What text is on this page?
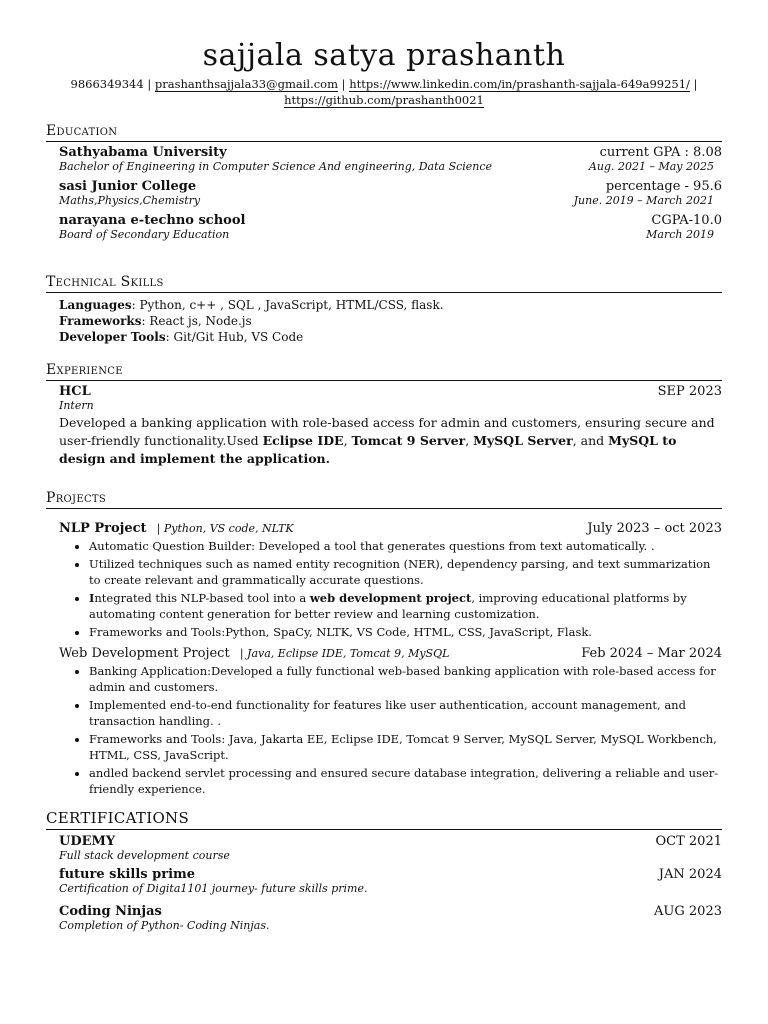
sajjala satya prashanth
9866349344 | prashanthsajjala33@gmail.com | https://www.linkedin.com/in/prashanth-sajjala-649a99251/ |
https://github.com/prashanth0021
Education
Sathyabama University	current GPA : 8.08
Bachelor of Engineering in Computer Science And engineering, Data Science	Aug. 2021 – May 2025
sasi Junior College	percentage - 95.6
Maths,Physics,Chemistry	June. 2019 – March 2021
narayana e-techno school	CGPA-10.0
Board of Secondary Education	March 2019
Technical Skills
Languages: Python, c++ , SQL , JavaScript, HTML/CSS, flask.
Frameworks: React js, Node.js
Developer Tools: Git/Git Hub, VS Code
Experience
HCL	SEP 2023
Intern
Developed a banking application with role-based access for admin and customers, ensuring secure and user-friendly functionality.Used Eclipse IDE, Tomcat 9 Server, MySQL Server, and MySQL to design and implement the application.
Projects
NLP Project | Python, VS code, NLTK	July 2023 – oct 2023
• Automatic Question Builder: Developed a tool that generates questions from text automatically. .
• Utilized techniques such as named entity recognition (NER), dependency parsing, and text summarization to create relevant and grammatically accurate questions.
• Integrated this NLP-based tool into a web development project, improving educational platforms by automating content generation for better review and learning customization.
• Frameworks and Tools:Python, SpaCy, NLTK, VS Code, HTML, CSS, JavaScript, Flask.
Web Development Project | Java, Eclipse IDE, Tomcat 9, MySQL	Feb 2024 – Mar 2024
• Banking Application:Developed a fully functional web-based banking application with role-based access for admin and customers.
• Implemented end-to-end functionality for features like user authentication, account management, and transaction handling. .
• Frameworks and Tools: Java, Jakarta EE, Eclipse IDE, Tomcat 9 Server, MySQL Server, MySQL Workbench, HTML, CSS, JavaScript.
• andled backend servlet processing and ensured secure database integration, delivering a reliable and user-friendly experience.
CERTIFICATIONS
UDEMY	OCT 2021
Full stack development course
future skills prime	JAN 2024
Certification of Digita1101 journey- future skills prime.
Coding Ninjas	AUG 2023
Completion of Python- Coding Ninjas.
